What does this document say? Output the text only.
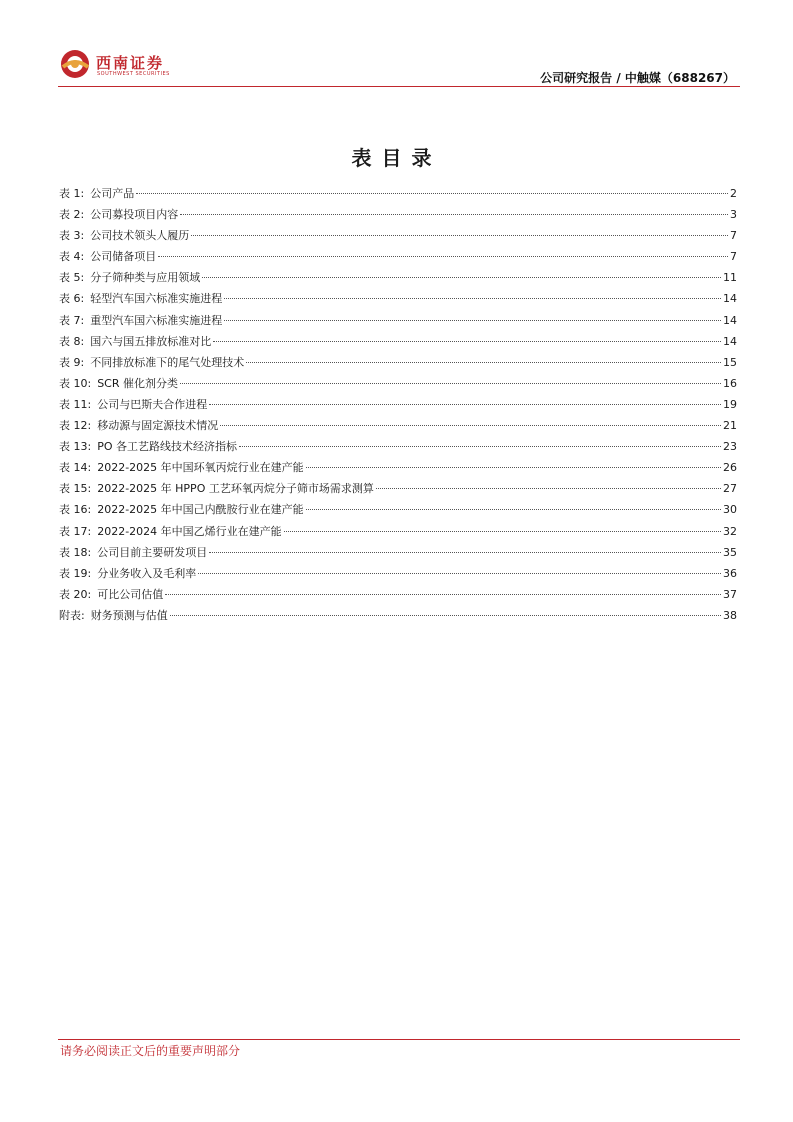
西南证券
SOUTHWEST SECURITIES	公司研究报告 / 中触媒（688267）
表目录
表 1: 公司产品	2
表 2: 公司募投项目内容	3
表 3: 公司技术领头人履历	7
表 4: 公司储备项目	7
表 5: 分子筛种类与应用领域	11
表 6: 轻型汽车国六标准实施进程	14
表 7: 重型汽车国六标准实施进程	14
表 8: 国六与国五排放标准对比	14
表 9: 不同排放标准下的尾气处理技术	15
表 10: SCR 催化剂分类	16
表 11: 公司与巴斯夫合作进程	19
表 12: 移动源与固定源技术情况	21
表 13: PO 各工艺路线技术经济指标	23
表 14: 2022-2025 年中国环氧丙烷行业在建产能	26
表 15: 2022-2025 年 HPPO 工艺环氧丙烷分子筛市场需求测算	27
表 16: 2022-2025 年中国己内酰胺行业在建产能	30
表 17: 2022-2024 年中国乙烯行业在建产能	32
表 18: 公司目前主要研发项目	35
表 19: 分业务收入及毛利率	36
表 20: 可比公司估值	37
附表: 财务预测与估值	38
请务必阅读正文后的重要声明部分
